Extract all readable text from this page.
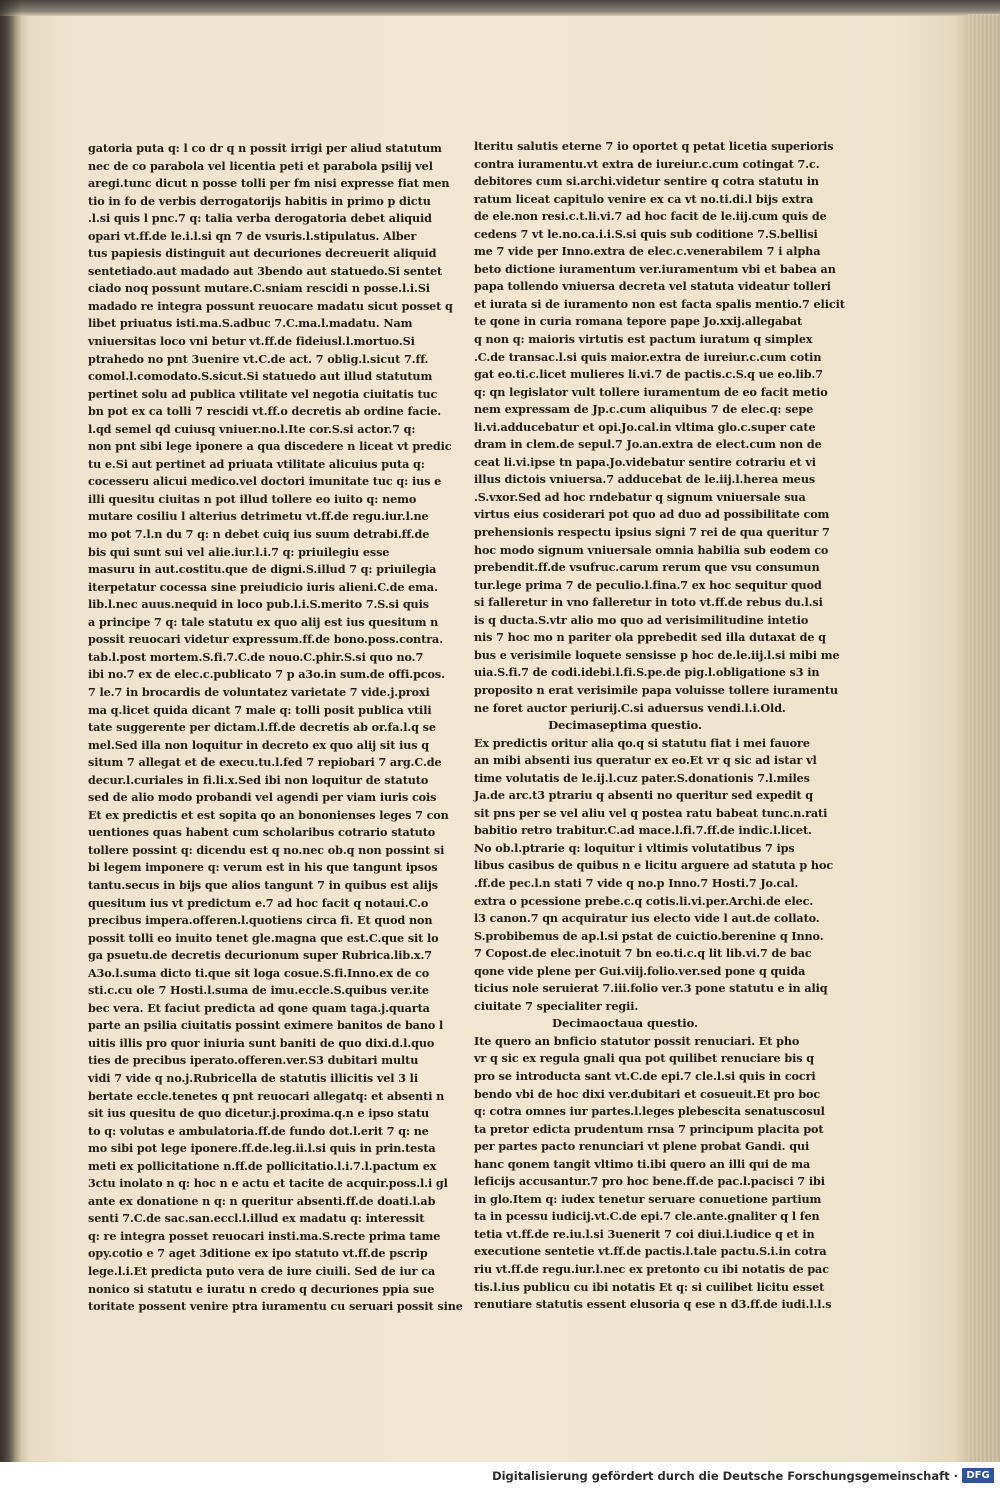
gatoria puta q: l co dr q n possit irrigi per aliud statutum
nec de co parabola vel licentia peti et parabola psilij vel
aregi.tunc dicut n posse tolli per fm nisi expresse fiat men
tio in fo de verbis derrogatorijs habitis in primo p dictu
.l.si quis l pnc.7 q: talia verba derogatoria debet aliquid
opari vt.ff.de le.i.l.si qn 7 de vsuris.l.stipulatus. Alber
tus papiesis distinguit aut decuriones decreuerit aliquid
sentetiado.aut madado aut 3bendo aut statuedo.Si sentet
ciado noq possunt mutare.C.sniam rescidi n posse.l.i.Si
madado re integra possunt reuocare madatu sicut posset q
libet priuatus isti.ma.S.adbuc 7.C.ma.l.madatu. Nam
vniuersitas loco vni betur vt.ff.de fideiusl.l.mortuo.Si
ptrahedo no pnt 3uenire vt.C.de act. 7 oblig.l.sicut 7.ff.
comol.l.comodato.S.sicut.Si statuedo aut illud statutum
pertinet solu ad publica vtilitate vel negotia ciuitatis tuc
bn pot ex ca tolli 7 rescidi vt.ff.o decretis ab ordine facie.
l.qd semel qd cuiusq vniuer.no.l.Ite cor.S.si actor.7 q:
non pnt sibi lege iponere a qua discedere n liceat vt predic
tu e.Si aut pertinet ad priuata vtilitate alicuius puta q:
cocesseru alicui medico.vel doctori imunitate tuc q: ius e
illi quesitu ciuitas n pot illud tollere eo iuito q: nemo
mutare cosiliu l alterius detrimetu vt.ff.de regu.iur.l.ne
mo pot 7.l.n du 7 q: n debet cuiq ius suum detrabi.ff.de
bis qui sunt sui vel alie.iur.l.i.7 q: priuilegiu esse
masuru in aut.costitu.que de digni.S.illud 7 q: priuilegia
iterpetatur cocessa sine preiudicio iuris alieni.C.de ema.
lib.l.nec auus.nequid in loco pub.l.i.S.merito 7.S.si quis
a principe 7 q: tale statutu ex quo alij est ius quesitum n
possit reuocari videtur expressum.ff.de bono.poss.contra.
tab.l.post mortem.S.fi.7.C.de nouo.C.phir.S.si quo no.7
ibi no.7 ex de elec.c.publicato 7 p a3o.in sum.de offi.pcos.
7 le.7 in brocardis de voluntatez varietate 7 vide.j.proxi
ma q.licet quida dicant 7 male q: tolli posit publica vtili
tate suggerente per dictam.l.ff.de decretis ab or.fa.l.q se
mel.Sed illa non loquitur in decreto ex quo alij sit ius q
situm 7 allegat et de execu.tu.l.fed 7 repiobari 7 arg.C.de
decur.l.curiales in fi.li.x.Sed ibi non loquitur de statuto
sed de alio modo probandi vel agendi per viam iuris cois
Et ex predictis et est sopita qo an bononienses leges 7 con
uentiones quas habent cum scholaribus cotrario statuto
tollere possint q: dicendu est q no.nec ob.q non possint si
bi legem imponere q: verum est in his que tangunt ipsos
tantu.secus in bijs que alios tangunt 7 in quibus est alijs
quesitum ius vt predictum e.7 ad hoc facit q notaui.C.o
precibus impera.offeren.l.quotiens circa fi. Et quod non
possit tolli eo inuito tenet gle.magna que est.C.que sit lo
ga psuetu.de decretis decurionum super Rubrica.lib.x.7
A3o.l.suma dicto ti.que sit loga cosue.S.fi.Inno.ex de co
sti.c.cu ole 7 Hosti.l.suma de imu.eccle.S.quibus ver.ite
bec vera. Et faciut predicta ad qone quam taga.j.quarta
parte an psilia ciuitatis possint eximere banitos de bano l
uitis illis pro quor iniuria sunt baniti de quo dixi.d.l.quo
ties de precibus iperato.offeren.ver.S3 dubitari multu
vidi 7 vide q no.j.Rubricella de statutis illicitis vel 3 li
bertate eccle.tenetes q pnt reuocari allegatq: et absenti n
sit ius quesitu de quo dicetur.j.proxima.q.n e ipso statu
to q: volutas e ambulatoria.ff.de fundo dot.l.erit 7 q: ne
mo sibi pot lege iponere.ff.de.leg.ii.l.si quis in prin.testa
meti ex pollicitatione n.ff.de pollicitatio.l.i.7.l.pactum ex
3ctu inolato n q: hoc n e actu et tacite de acquir.poss.l.i gl
ante ex donatione n q: n queritur absenti.ff.de doati.l.ab
senti 7.C.de sac.san.eccl.l.illud ex madatu q: interessit
q: re integra posset reuocari insti.ma.S.recte prima tame
opy.cotio e 7 aget 3ditione ex ipo statuto vt.ff.de pscrip
lege.l.i.Et predicta puto vera de iure ciuili. Sed de iur ca
nonico si statutu e iuratu n credo q decuriones ppia sue
toritate possent venire ptra iuramentu cu seruari possit sine
lteritu salutis eterne 7 io oportet q petat licetia superioris
contra iuramentu.vt extra de iureiur.c.cum cotingat 7.c.
debitores cum si.archi.videtur sentire q cotra statutu in
ratum liceat capitulo venire ex ca vt no.ti.di.l bijs extra
de ele.non resi.c.t.li.vi.7 ad hoc facit de le.iij.cum quis de
cedens 7 vt le.no.ca.i.i.S.si quis sub coditione 7.S.bellisi
me 7 vide per Inno.extra de elec.c.venerabilem 7 i alpha
beto dictione iuramentum ver.iuramentum vbi et babea an
papa tollendo vniuersa decreta vel statuta videatur tolleri
et iurata si de iuramento non est facta spalis mentio.7 elicit
te qone in curia romana tepore pape Jo.xxij.allegabat
q non q: maioris virtutis est pactum iuratum q simplex
.C.de transac.l.si quis maior.extra de iureiur.c.cum cotin
gat eo.ti.c.licet mulieres li.vi.7 de pactis.c.S.q ue eo.lib.7
q: qn legislator vult tollere iuramentum de eo facit metio
nem expressam de Jp.c.cum aliquibus 7 de elec.q: sepe
li.vi.adducebatur et opi.Jo.cal.in vltima glo.c.super cate
dram in clem.de sepul.7 Jo.an.extra de elect.cum non de
ceat li.vi.ipse tn papa.Jo.videbatur sentire cotrariu et vi
illus dictois vniuersa.7 adducebat de le.iij.l.herea meus
.S.vxor.Sed ad hoc rndebatur q signum vniuersale sua
virtus eius cosiderari pot quo ad duo ad possibilitate com
prehensionis respectu ipsius signi 7 rei de qua queritur 7
hoc modo signum vniuersale omnia habilia sub eodem co
prebendit.ff.de vsufruc.carum rerum que vsu consumun
tur.lege prima 7 de peculio.l.fina.7 ex hoc sequitur quod
si falleretur in vno falleretur in toto vt.ff.de rebus du.l.si
is q ducta.S.vtr alio mo quo ad verisimilitudine intetio
nis 7 hoc mo n pariter ola pprebedit sed illa dutaxat de q
bus e verisimile loquete sensisse p hoc de.le.iij.l.si mibi me
uia.S.fi.7 de codi.idebi.l.fi.S.pe.de pig.l.obligatione s3 in
proposito n erat verisimile papa voluisse tollere iuramentu
ne foret auctor periurij.C.si aduersus vendi.l.i.Old.
Decimaseptima questio.
Ex predictis oritur alia qo.q si statutu fiat i mei fauore
an mibi absenti ius queratur ex eo.Et vr q sic ad istar vl
time volutatis de le.ij.l.cuz pater.S.donationis 7.l.miles
Ja.de arc.t3 ptrariu q absenti no queritur sed expedit q
sit pns per se vel aliu vel q postea ratu babeat tunc.n.rati
babitio retro trabitur.C.ad mace.l.fi.7.ff.de indic.l.licet.
No ob.l.ptrarie q: loquitur i vltimis volutatibus 7 ips
libus casibus de quibus n e licitu arguere ad statuta p hoc
.ff.de pec.l.n stati 7 vide q no.p Inno.7 Hosti.7 Jo.cal.
extra o pcessione prebe.c.q cotis.li.vi.per.Archi.de elec.
l3 canon.7 qn acquiratur ius electo vide l aut.de collato.
S.probibemus de ap.l.si pstat de cuictio.berenine q Inno.
7 Copost.de elec.inotuit 7 bn eo.ti.c.q lit lib.vi.7 de bac
qone vide plene per Gui.viij.folio.ver.sed pone q quida
ticius nole seruierat 7.iii.folio ver.3 pone statutu e in aliq
ciuitate 7 specialiter regii.
Decimaoctaua questio.
Ite quero an bnficio statutor possit renuciari. Et pho
vr q sic ex regula gnali qua pot quilibet renuciare bis q
pro se introducta sant vt.C.de epi.7 cle.l.si quis in cocri
bendo vbi de hoc dixi ver.dubitari et cosueuit.Et pro boc
q: cotra omnes iur partes.l.leges plebescita senatuscosul
ta pretor edicta prudentum rnsa 7 principum placita pot
per partes pacto renunciari vt plene probat Gandi. qui
hanc qonem tangit vltimo ti.ibi quero an illi qui de ma
leficijs accusantur.7 pro hoc bene.ff.de pac.l.pacisci 7 ibi
in glo.Item q: iudex tenetur seruare conuetione partium
ta in pcessu iudicij.vt.C.de epi.7 cle.ante.gnaliter q l fen
tetia vt.ff.de re.iu.l.si 3uenerit 7 coi diui.l.iudice q et in
executione sentetie vt.ff.de pactis.l.tale pactu.S.i.in cotra
riu vt.ff.de regu.iur.l.nec ex pretonto cu ibi notatis de pac
tis.l.ius publicu cu ibi notatis Et q: si cuilibet licitu esset
renutiare statutis essent elusoria q ese n d3.ff.de iudi.l.l.s
Digitalisierung gefördert durch die Deutsche Forschungsgemeinschaft · DFG
